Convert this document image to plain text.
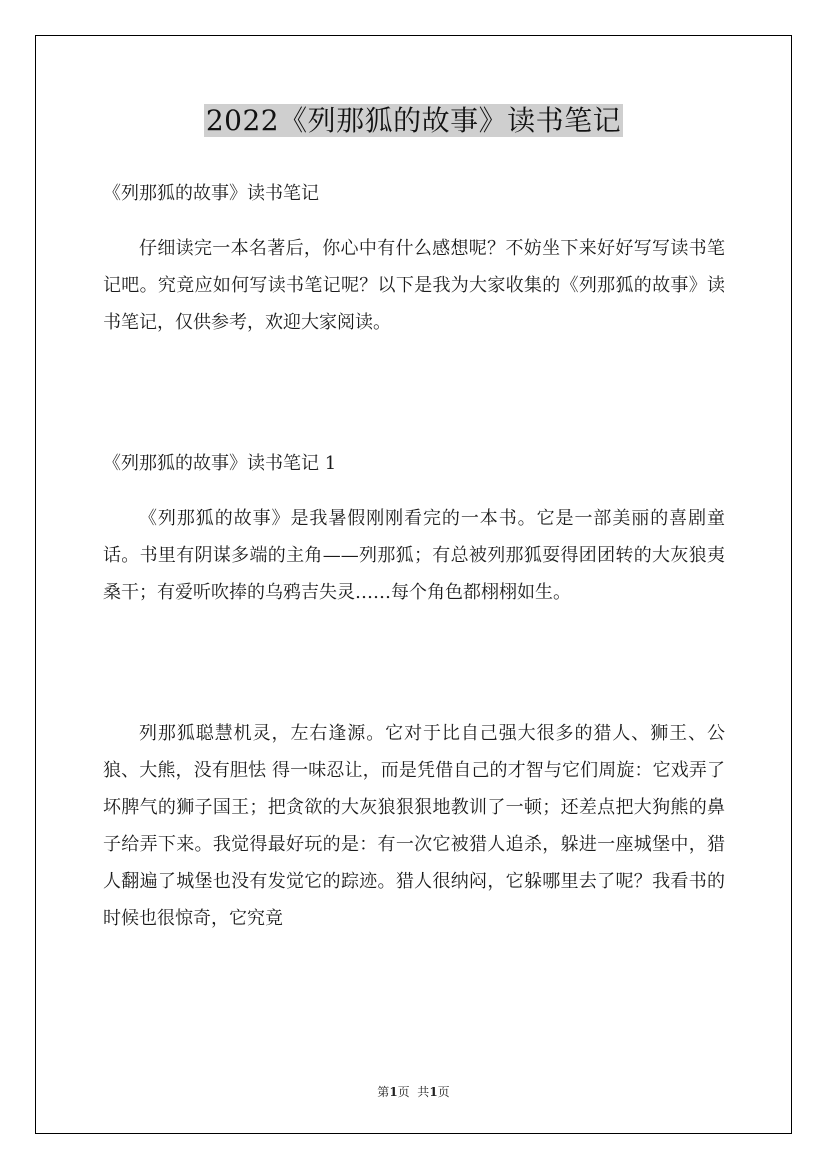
2022《列那狐的故事》读书笔记
《列那狐的故事》读书笔记

仔细读完一本名著后，你心中有什么感想呢？不妨坐下来好好写写读书笔记吧。究竟应如何写读书笔记呢？以下是我为大家收集的《列那狐的故事》读书笔记，仅供参考，欢迎大家阅读。

《列那狐的故事》读书笔记 1

《列那狐的故事》是我暑假刚刚看完的一本书。它是一部美丽的喜剧童话。书里有阴谋多端的主角——列那狐；有总被列那狐耍得团团转的大灰狼夷桑干；有爱听吹捧的乌鸦吉失灵……每个角色都栩栩如生。

列那狐聪慧机灵，左右逢源。它对于比自己强大很多的猎人、狮王、公狼、大熊，没有胆怯 得一味忍让，而是凭借自己的才智与它们周旋：它戏弄了坏脾气的狮子国王；把贪欲的大灰狼狠狠地教训了一顿；还差点把大狗熊的鼻子给弄下来。我觉得最好玩的是：有一次它被猎人追杀，躲进一座城堡中，猎人翻遍了城堡也没有发觉它的踪迹。猎人很纳闷，它躲哪里去了呢？我看书的时候也很惊奇，它究竟

第1页  共1页
